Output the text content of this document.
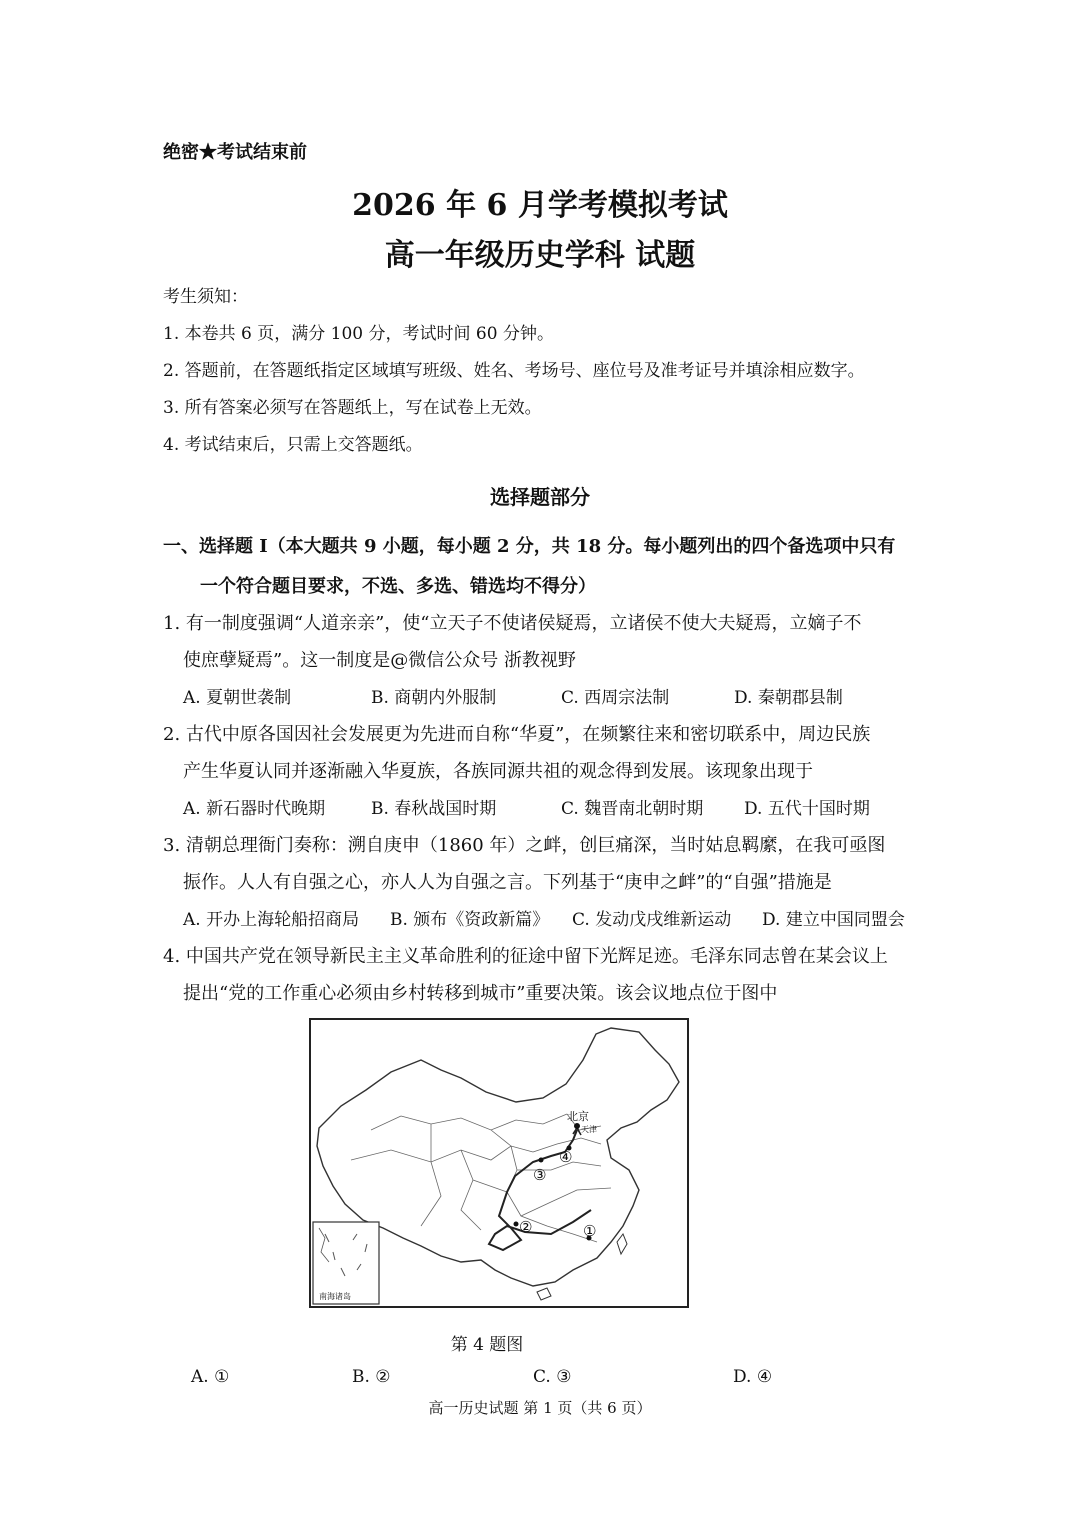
绝密★考试结束前
2026 年 6 月学考模拟考试
高一年级历史学科 试题
考生须知：
1. 本卷共 6 页，满分 100 分，考试时间 60 分钟。
2. 答题前，在答题纸指定区域填写班级、姓名、考场号、座位号及准考证号并填涂相应数字。
3. 所有答案必须写在答题纸上，写在试卷上无效。
4. 考试结束后，只需上交答题纸。
选择题部分
一、选择题 I（本大题共 9 小题，每小题 2 分，共 18 分。每小题列出的四个备选项中只有
一个符合题目要求，不选、多选、错选均不得分）
1. 有一制度强调“人道亲亲”，使“立天子不使诸侯疑焉，立诸侯不使大夫疑焉，立嫡子不
使庶孽疑焉”。这一制度是@微信公众号 浙教视野
A. 夏朝世袭制	B. 商朝内外服制	C. 西周宗法制	D. 秦朝郡县制
2. 古代中原各国因社会发展更为先进而自称“华夏”，在频繁往来和密切联系中，周边民族
产生华夏认同并逐渐融入华夏族，各族同源共祖的观念得到发展。该现象出现于
A. 新石器时代晚期	B. 春秋战国时期	C. 魏晋南北朝时期 D. 五代十国时期
3. 清朝总理衙门奏称：溯自庚申（1860 年）之衅，创巨痛深，当时姑息羁縻，在我可亟图
振作。人人有自强之心，亦人人为自强之言。下列基于“庚申之衅”的“自强”措施是
A. 开办上海轮船招商局 B. 颁布《资政新篇》 C. 发动戊戌维新运动 D. 建立中国同盟会
4. 中国共产党在领导新民主主义革命胜利的征途中留下光辉足迹。毛泽东同志曾在某会议上
提出“党的工作重心必须由乡村转移到城市”重要决策。该会议地点位于图中
北京
天津
①
②
③
④
南海诸岛
第 4 题图
A. ①	B. ②	C. ③	D. ④
高一历史试题 第 1 页（共 6 页）
